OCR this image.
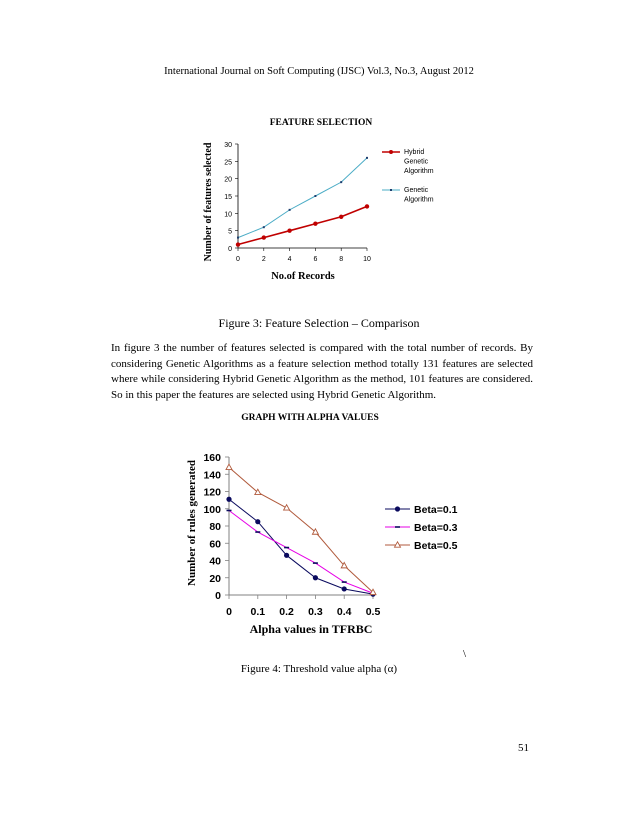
International Journal on Soft Computing (IJSC) Vol.3, No.3, August 2012
FEATURE SELECTION
Number of features selected
No.of Records
0
5
10
15
20
25
30
0	2	4	6	8	10
Hybrid
Genetic
Algorithm
Genetic
Algorithm
Figure 3: Feature Selection – Comparison
In figure 3 the number of features selected is compared with the total number of records. By considering Genetic Algorithms as a feature selection method totally 131 features are selected where while considering Hybrid Genetic Algorithm as the method, 101 features are considered. So in this paper the features are selected using Hybrid Genetic Algorithm.
GRAPH WITH ALPHA VALUES
Number of rules generated
Alpha values in TFRBC
0
20
40
60
80
100
120
140
160
0 0.1 0.2 0.3 0.4 0.5
Beta=0.1
Beta=0.3
Beta=0.5
\
Figure 4: Threshold value alpha (α)
51
